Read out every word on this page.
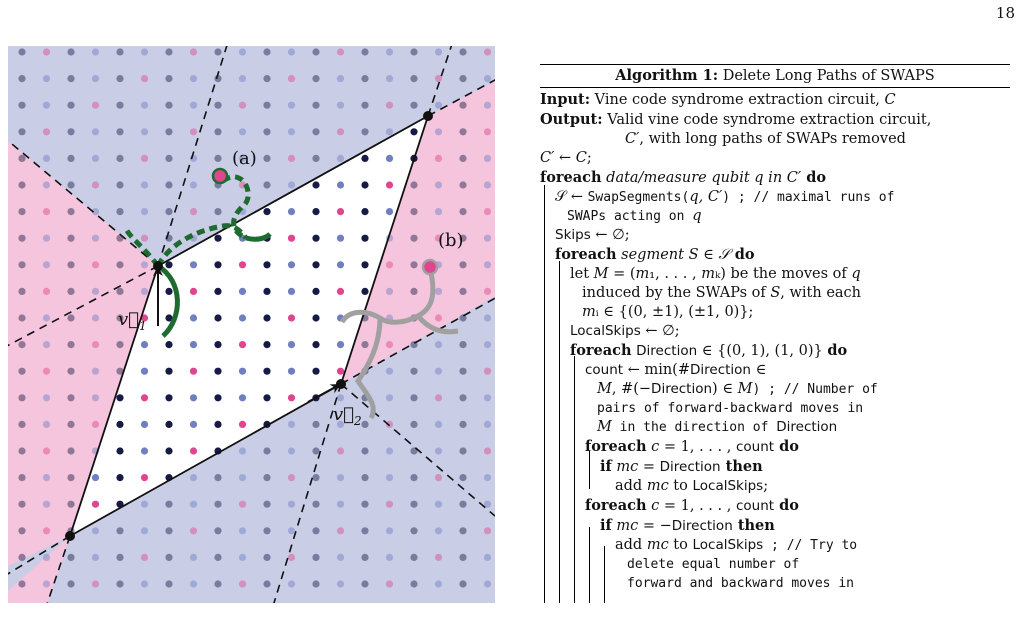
18
(a)
(b)
$v⃗_1$
$v⃗_2$
Algorithm 1: Delete Long Paths of SWAPS
Input: Vine code syndrome extraction circuit, C
Output: Valid vine code syndrome extraction circuit,
C′, with long paths of SWAPs removed
C′ ← C;
foreach data/measure qubit q in C′ do
𝒮 ← SwapSegments(q, C′) ; // maximal runs of
SWAPs acting on q
Skips ← ∅;
foreach segment S ∈ 𝒮 do
let M = (m₁, . . . , mₖ) be the moves of q
induced by the SWAPs of S, with each
mᵢ ∈ {(0, ±1), (±1, 0)};
LocalSkips ← ∅;
foreach Direction ∈ {(0, 1), (1, 0)} do
count ← min(#Direction ∈
M, #(−Direction) ∈ M) ; // Number of
pairs of forward-backward moves in
M in the direction of Direction
foreach c = 1, . . . , count do
if mc = Direction then
add mc to LocalSkips;
foreach c = 1, . . . , count do
if mc = −Direction then
add mc to LocalSkips ; // Try to
delete equal number of
forward and backward moves in
